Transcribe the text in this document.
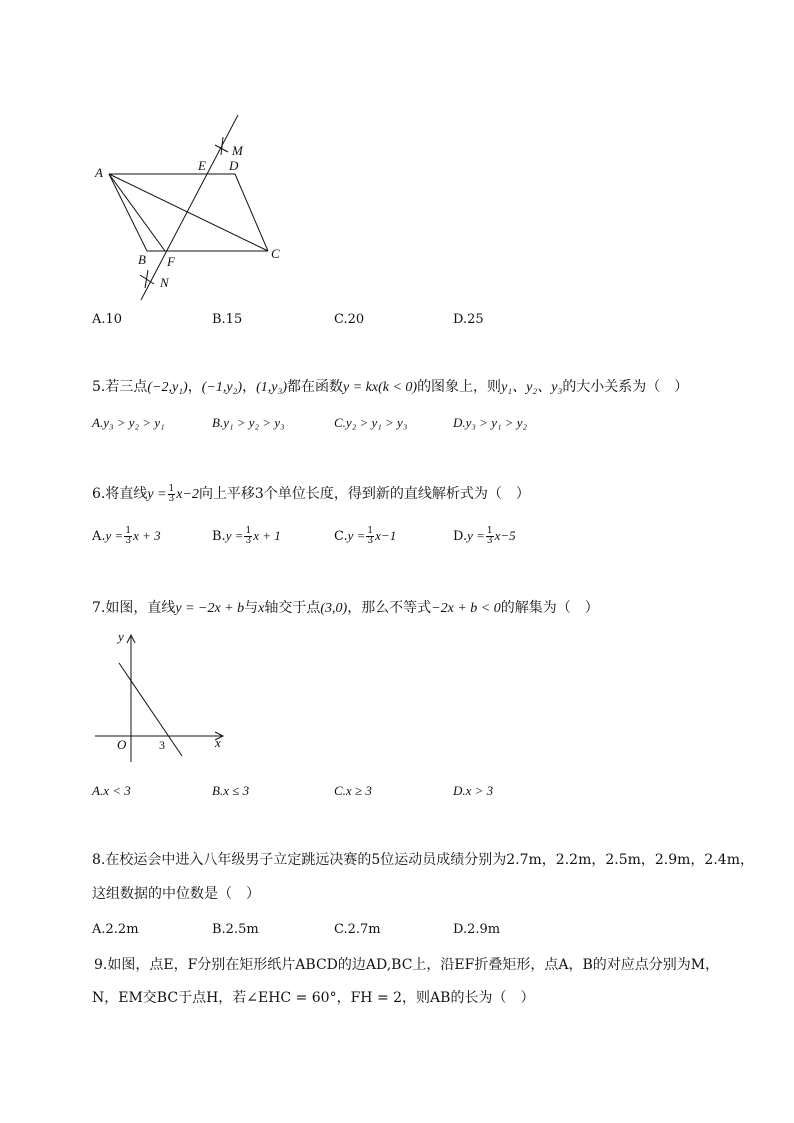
A
B	C
D
E
F
M
N
A.10	B.15	C.20	D.25
5.若三点(−2,y₁)，(−1,y₂)，(1,y₃)都在函数y = kx(k < 0)的图象上，则y₁、y₂、y₃的大小关系为（　）
A.y₃ > y₂ > y₁	B.y₁ > y₂ > y₃	C.y₂ > y₁ > y₃	D.y₃ > y₁ > y₂
6.将直线$y = \frac{1}{3} x-2$向上平移3个单位长度，得到新的直线解析式为（　）
$A.y = \frac{1}{3}$ x + 3	$B.y = \frac{1}{3}$ x + 1	$C.y = \frac{1}{3} x-1$	$D.y = \frac{1}{3} x-5$
7.如图，直线y = −2x + b与x轴交于点(3,0)，那么不等式−2x + b < 0的解集为（　）
y
x
O	3
A.x < 3	B.x ≤ 3	C.x ≥ 3	D.x > 3
8.在校运会中进入八年级男子立定跳远决赛的5位运动员成绩分别为2.7m，2.2m，2.5m，2.9m，2.4m，
这组数据的中位数是（　）
A.2.2m	B.2.5m	C.2.7m	D.2.9m
9.如图，点E，F分别在矩形纸片ABCD的边AD,BC上，沿EF折叠矩形，点A，B的对应点分别为M，
N，EM交BC于点H，若∠EHC = 60°，FH = 2，则AB的长为（　）
